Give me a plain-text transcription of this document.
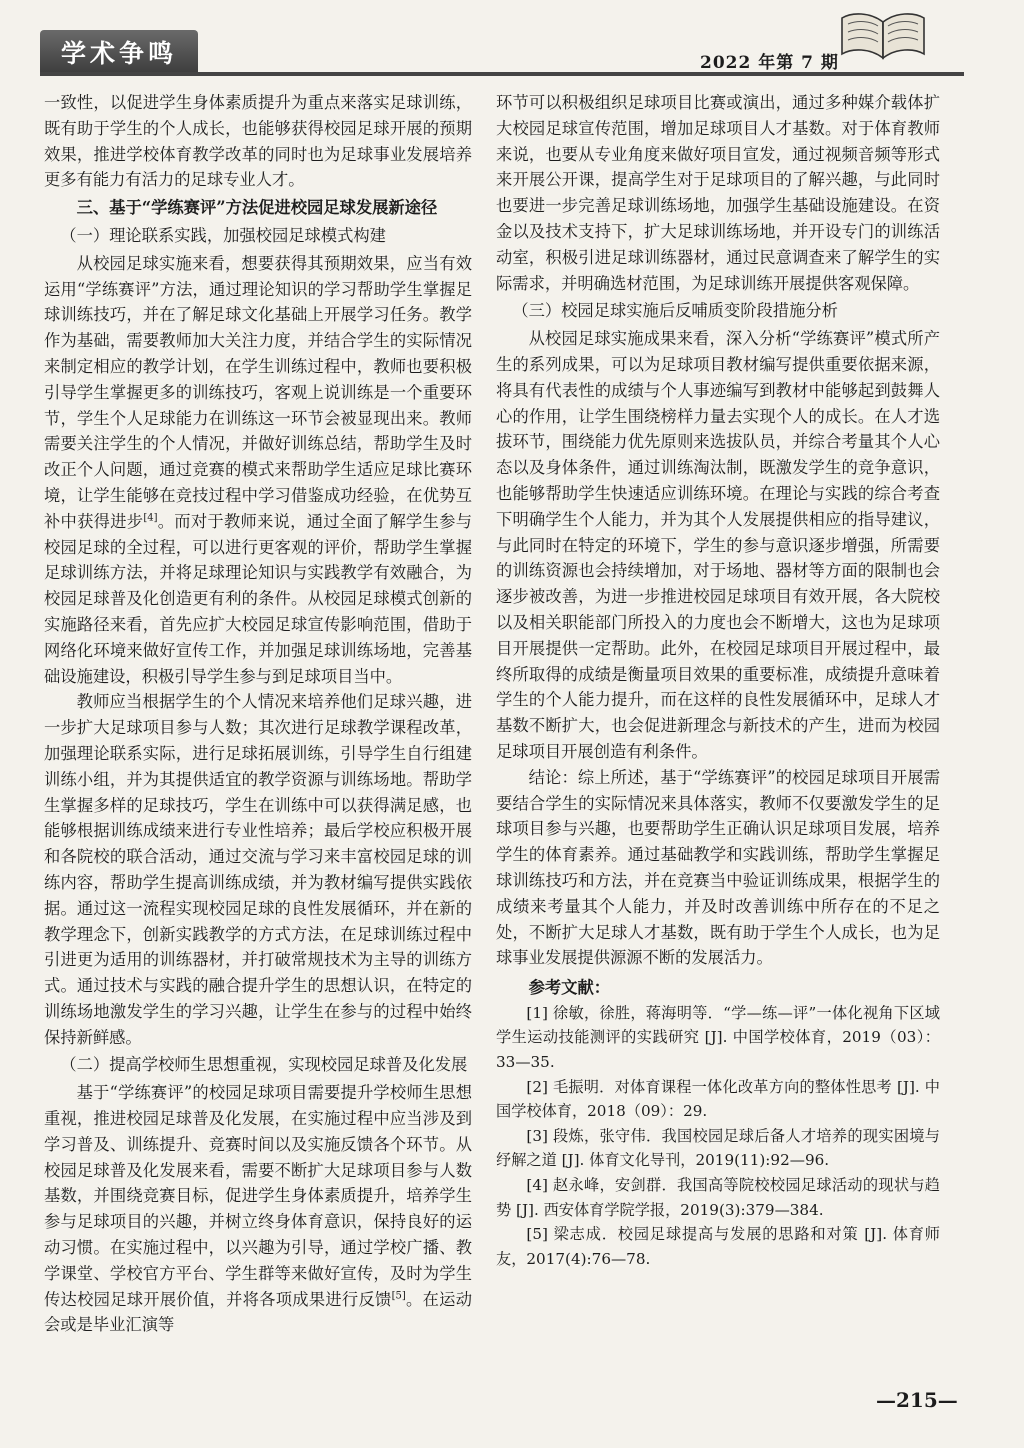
学术争鸣	2022 年第 7 期

一致性，以促进学生身体素质提升为重点来落实足球训练，既有助于学生的个人成长，也能够获得校园足球开展的预期效果，推进学校体育教学改革的同时也为足球事业发展培养更多有能力有活力的足球专业人才。

三、基于“学练赛评”方法促进校园足球发展新途径
（一）理论联系实践，加强校园足球模式构建

从校园足球实施来看，想要获得其预期效果，应当有效运用“学练赛评”方法，通过理论知识的学习帮助学生掌握足球训练技巧，并在了解足球文化基础上开展学习任务。教学作为基础，需要教师加大关注力度，并结合学生的实际情况来制定相应的教学计划，在学生训练过程中，教师也要积极引导学生掌握更多的训练技巧，客观上说训练是一个重要环节，学生个人足球能力在训练这一环节会被显现出来。教师需要关注学生的个人情况，并做好训练总结，帮助学生及时改正个人问题，通过竞赛的模式来帮助学生适应足球比赛环境，让学生能够在竞技过程中学习借鉴成功经验，在优势互补中获得进步[4]。而对于教师来说，通过全面了解学生参与校园足球的全过程，可以进行更客观的评价，帮助学生掌握足球训练方法，并将足球理论知识与实践教学有效融合，为校园足球普及化创造更有利的条件。从校园足球模式创新的实施路径来看，首先应扩大校园足球宣传影响范围，借助于网络化环境来做好宣传工作，并加强足球训练场地，完善基础设施建设，积极引导学生参与到足球项目当中。

教师应当根据学生的个人情况来培养他们足球兴趣，进一步扩大足球项目参与人数；其次进行足球教学课程改革，加强理论联系实际，进行足球拓展训练，引导学生自行组建训练小组，并为其提供适宜的教学资源与训练场地。帮助学生掌握多样的足球技巧，学生在训练中可以获得满足感，也能够根据训练成绩来进行专业性培养；最后学校应积极开展和各院校的联合活动，通过交流与学习来丰富校园足球的训练内容，帮助学生提高训练成绩，并为教材编写提供实践依据。通过这一流程实现校园足球的良性发展循环，并在新的教学理念下，创新实践教学的方式方法，在足球训练过程中引进更为适用的训练器材，并打破常规技术为主导的训练方式。通过技术与实践的融合提升学生的思想认识，在特定的训练场地激发学生的学习兴趣，让学生在参与的过程中始终保持新鲜感。

（二）提高学校师生思想重视，实现校园足球普及化发展

基于“学练赛评”的校园足球项目需要提升学校师生思想重视，推进校园足球普及化发展，在实施过程中应当涉及到学习普及、训练提升、竞赛时间以及实施反馈各个环节。从校园足球普及化发展来看，需要不断扩大足球项目参与人数基数，并围绕竞赛目标，促进学生身体素质提升，培养学生参与足球项目的兴趣，并树立终身体育意识，保持良好的运动习惯。在实施过程中，以兴趣为引导，通过学校广播、教学课堂、学校官方平台、学生群等来做好宣传，及时为学生传达校园足球开展价值，并将各项成果进行反馈[5]。在运动会或是毕业汇演等

环节可以积极组织足球项目比赛或演出，通过多种媒介载体扩大校园足球宣传范围，增加足球项目人才基数。对于体育教师来说，也要从专业角度来做好项目宣发，通过视频音频等形式来开展公开课，提高学生对于足球项目的了解兴趣，与此同时也要进一步完善足球训练场地，加强学生基础设施建设。在资金以及技术支持下，扩大足球训练场地，并开设专门的训练活动室，积极引进足球训练器材，通过民意调查来了解学生的实际需求，并明确选材范围，为足球训练开展提供客观保障。

（三）校园足球实施后反哺质变阶段措施分析

从校园足球实施成果来看，深入分析“学练赛评”模式所产生的系列成果，可以为足球项目教材编写提供重要依据来源，将具有代表性的成绩与个人事迹编写到教材中能够起到鼓舞人心的作用，让学生围绕榜样力量去实现个人的成长。在人才选拔环节，围绕能力优先原则来选拔队员，并综合考量其个人心态以及身体条件，通过训练淘汰制，既激发学生的竞争意识，也能够帮助学生快速适应训练环境。在理论与实践的综合考查下明确学生个人能力，并为其个人发展提供相应的指导建议，与此同时在特定的环境下，学生的参与意识逐步增强，所需要的训练资源也会持续增加，对于场地、器材等方面的限制也会逐步被改善，为进一步推进校园足球项目有效开展，各大院校以及相关职能部门所投入的力度也会不断增大，这也为足球项目开展提供一定帮助。此外，在校园足球项目开展过程中，最终所取得的成绩是衡量项目效果的重要标准，成绩提升意味着学生的个人能力提升，而在这样的良性发展循环中，足球人才基数不断扩大，也会促进新理念与新技术的产生，进而为校园足球项目开展创造有利条件。

结论：综上所述，基于“学练赛评”的校园足球项目开展需要结合学生的实际情况来具体落实，教师不仅要激发学生的足球项目参与兴趣，也要帮助学生正确认识足球项目发展，培养学生的体育素养。通过基础教学和实践训练，帮助学生掌握足球训练技巧和方法，并在竞赛当中验证训练成果，根据学生的成绩来考量其个人能力，并及时改善训练中所存在的不足之处，不断扩大足球人才基数，既有助于学生个人成长，也为足球事业发展提供源源不断的发展活力。

参考文献：

[1] 徐敏，徐胜，蒋海明等．“学—练—评”一体化视角下区域学生运动技能测评的实践研究 [J]. 中国学校体育，2019（03）：33—35.

[2] 毛振明．对体育课程一体化改革方向的整体性思考 [J]. 中国学校体育，2018（09）：29.

[3] 段炼，张守伟．我国校园足球后备人才培养的现实困境与纾解之道 [J]. 体育文化导刊，2019(11):92—96.

[4] 赵永峰，安剑群．我国高等院校校园足球活动的现状与趋势 [J]. 西安体育学院学报，2019(3):379—384.

[5] 梁志成．校园足球提高与发展的思路和对策 [J]. 体育师友，2017(4):76—78.

—215—
